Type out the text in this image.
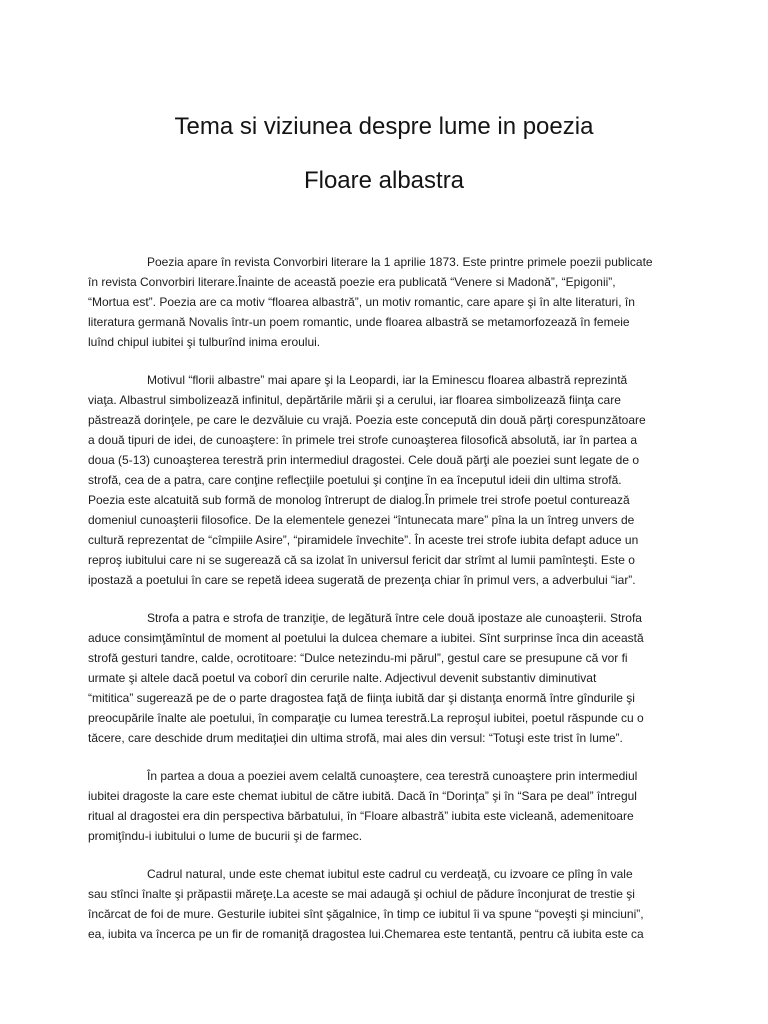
Tema si viziunea despre lume in poezia
Floare albastra
Poezia apare în revista Convorbiri literare la 1 aprilie 1873. Este printre primele poezii publicate
în revista Convorbiri literare.Înainte de această poezie era publicată “Venere si Madonă”, “Epigonii”,
“Mortua est”. Poezia are ca motiv “floarea albastră”, un motiv romantic, care apare şi în alte literaturi, în
literatura germană Novalis într-un poem romantic, unde floarea albastră se metamorfozează în femeie
luînd chipul iubitei şi tulburînd inima eroului.
Motivul “florii albastre” mai apare şi la Leopardi, iar la Eminescu floarea albastră reprezintă
viaţa. Albastrul simbolizează infinitul, depărtările mării şi a cerului, iar floarea simbolizează fiinţa care
păstrează dorinţele, pe care le dezvăluie cu vrajă. Poezia este concepută din două părţi corespunzătoare
a două tipuri de idei, de cunoaştere: în primele trei strofe cunoaşterea filosofică absolută, iar în partea a
doua (5-13) cunoaşterea terestră prin intermediul dragostei. Cele două părţi ale poeziei sunt legate de o
strofă, cea de a patra, care conţine reflecţiile poetului şi conţine în ea începutul ideii din ultima strofă.
Poezia este alcatuită sub formă de monolog întrerupt de dialog.În primele trei strofe poetul conturează
domeniul cunoaşterii filosofice. De la elementele genezei “întunecata mare” pîna la un întreg unvers de
cultură reprezentat de “cîmpiile Asire”, “piramidele învechite”. În aceste trei strofe iubita defapt aduce un
reproş iubitului care ni se sugerează că sa izolat în universul fericit dar strîmt al lumii pamînteşti. Este o
ipostază a poetului în care se repetă ideea sugerată de prezenţa chiar în primul vers, a adverbului “iar”.
Strofa a patra e strofa de tranziţie, de legătură între cele două ipostaze ale cunoaşterii. Strofa
aduce consimţămîntul de moment al poetului la dulcea chemare a iubitei. Sînt surprinse înca din această
strofă gesturi tandre, calde, ocrotitoare: “Dulce netezindu-mi părul”, gestul care se presupune că vor fi
urmate şi altele dacă poetul va coborî din cerurile nalte. Adjectivul devenit substantiv diminutivat
“mititica” sugerează pe de o parte dragostea faţă de fiinţa iubită dar şi distanţa enormă între gîndurile şi
preocupările înalte ale poetului, în comparaţie cu lumea terestră.La reproşul iubitei, poetul răspunde cu o
tăcere, care deschide drum meditaţiei din ultima strofă, mai ales din versul: “Totuşi este trist în lume”.
În partea a doua a poeziei avem celaltă cunoaştere, cea terestră cunoaştere prin intermediul
iubitei dragoste la care este chemat iubitul de către iubită. Dacă în “Dorinţa” şi în “Sara pe deal” întregul
ritual al dragostei era din perspectiva bărbatului, în “Floare albastră” iubita este vicleană, ademenitoare
promiţîndu-i iubitului o lume de bucurii şi de farmec.
Cadrul natural, unde este chemat iubitul este cadrul cu verdeaţă, cu izvoare ce plîng în vale
sau stînci înalte şi prăpastii măreţe.La aceste se mai adaugă şi ochiul de pădure înconjurat de trestie şi
încărcat de foi de mure. Gesturile iubitei sînt şăgalnice, în timp ce iubitul îi va spune “poveşti şi minciuni”,
ea, iubita va încerca pe un fir de romaniţă dragostea lui.Chemarea este tentantă, pentru că iubita este ca
